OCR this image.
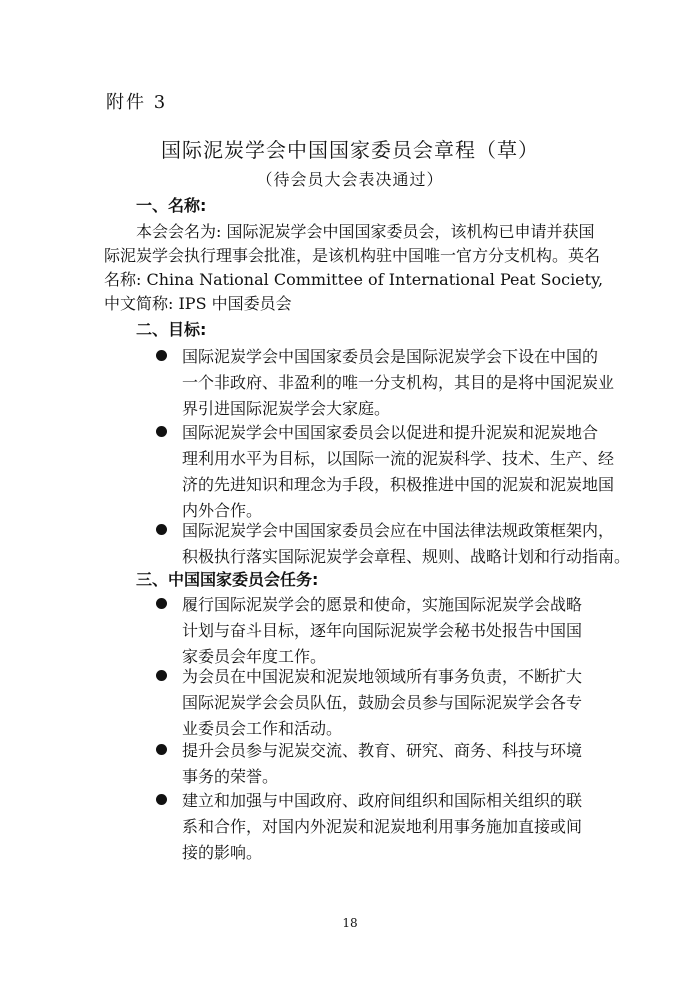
附件 3
国际泥炭学会中国国家委员会章程（草）
（待会员大会表决通过）
一、名称:
本会会名为: 国际泥炭学会中国国家委员会，该机构已申请并获国
际泥炭学会执行理事会批准，是该机构驻中国唯一官方分支机构。英名
名称: China National Committee of International Peat Society,
中文简称: IPS 中国委员会
二、目标:
国际泥炭学会中国国家委员会是国际泥炭学会下设在中国的
一个非政府、非盈利的唯一分支机构，其目的是将中国泥炭业
界引进国际泥炭学会大家庭。
国际泥炭学会中国国家委员会以促进和提升泥炭和泥炭地合
理利用水平为目标，以国际一流的泥炭科学、技术、生产、经
济的先进知识和理念为手段，积极推进中国的泥炭和泥炭地国
内外合作。
国际泥炭学会中国国家委员会应在中国法律法规政策框架内，
积极执行落实国际泥炭学会章程、规则、战略计划和行动指南。
三、中国国家委员会任务:
履行国际泥炭学会的愿景和使命，实施国际泥炭学会战略
计划与奋斗目标，逐年向国际泥炭学会秘书处报告中国国
家委员会年度工作。
为会员在中国泥炭和泥炭地领域所有事务负责，不断扩大
国际泥炭学会会员队伍，鼓励会员参与国际泥炭学会各专
业委员会工作和活动。
提升会员参与泥炭交流、教育、研究、商务、科技与环境
事务的荣誉。
建立和加强与中国政府、政府间组织和国际相关组织的联
系和合作，对国内外泥炭和泥炭地利用事务施加直接或间
接的影响。
18
